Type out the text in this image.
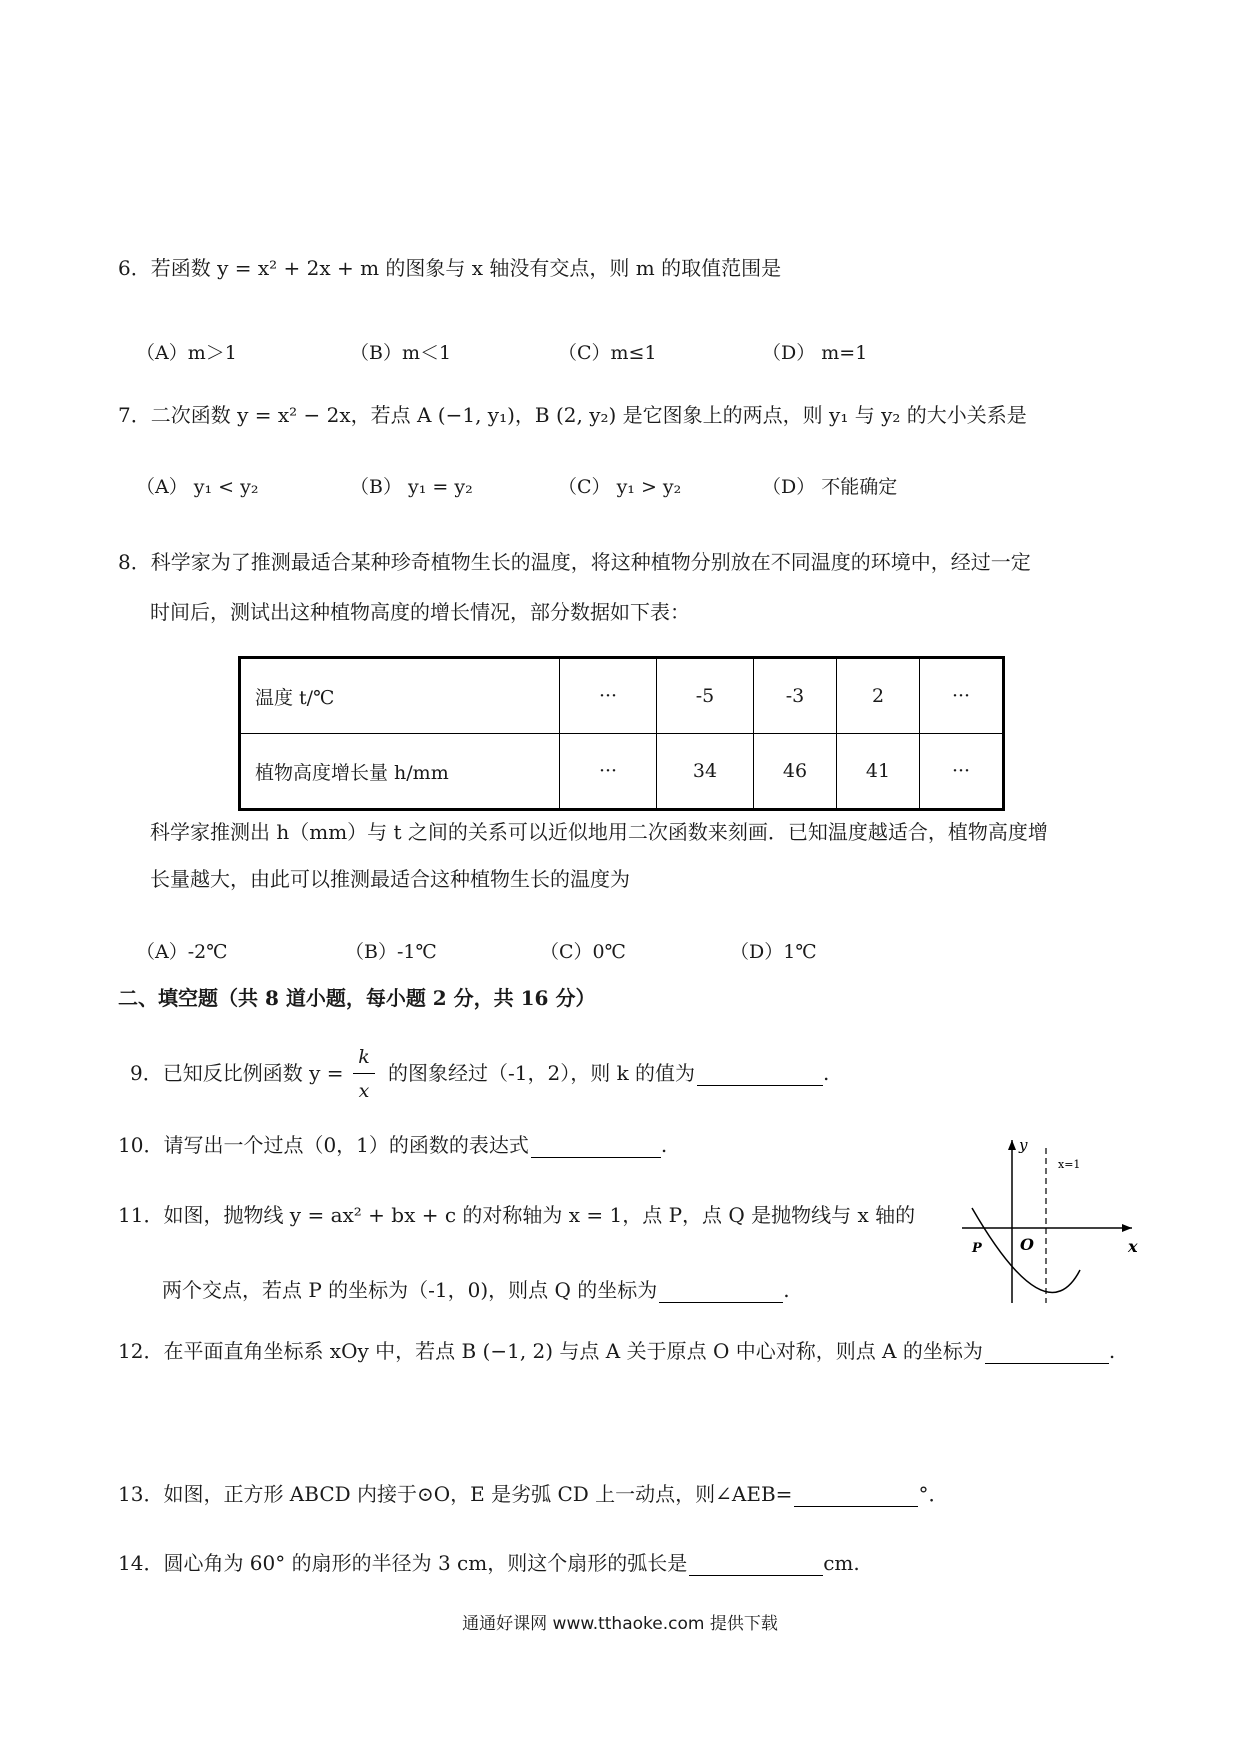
6．若函数 y = x² + 2x + m 的图象与 x 轴没有交点，则 m 的取值范围是
（A）m＞1	（B）m＜1	（C）m≤1	（D） m=1
7．二次函数 y = x² − 2x，若点 A (−1, y₁)，B (2, y₂) 是它图象上的两点，则 y₁ 与 y₂ 的大小关系是
（A） y₁ < y₂	（B） y₁ = y₂	（C） y₁ > y₂	（D） 不能确定
8．科学家为了推测最适合某种珍奇植物生长的温度，将这种植物分别放在不同温度的环境中，经过一定
时间后，测试出这种植物高度的增长情况，部分数据如下表：
温度 t/℃	···	-5	-3	2	···
植物高度增长量 h/mm	···	34	46	41	···
科学家推测出 h（mm）与 t 之间的关系可以近似地用二次函数来刻画．已知温度越适合，植物高度增
长量越大，由此可以推测最适合这种植物生长的温度为
（A）-2℃	（B）-1℃	（C）0℃	（D）1℃
二、填空题（共 8 道小题，每小题 2 分，共 16 分）
9．已知反比例函数 y =
k
x
的图象经过（-1，2），则 k 的值为	.
10．请写出一个过点（0，1）的函数的表达式	.
11．如图，抛物线 y = ax² + bx + c 的对称轴为 x = 1，点 P，点 Q 是抛物线与 x 轴的
两个交点，若点 P 的坐标为（-1，0)，则点 Q 的坐标为	.
y
x
O
P
x=1
12．在平面直角坐标系 xOy 中，若点 B (−1, 2) 与点 A 关于原点 O 中心对称，则点 A 的坐标为	.
13．如图，正方形 ABCD 内接于⊙O，E 是劣弧 CD 上一动点，则∠AEB=	°．
14．圆心角为 60° 的扇形的半径为 3 cm，则这个扇形的弧长是	cm.
通通好课网 www.tthaoke.com 提供下载
